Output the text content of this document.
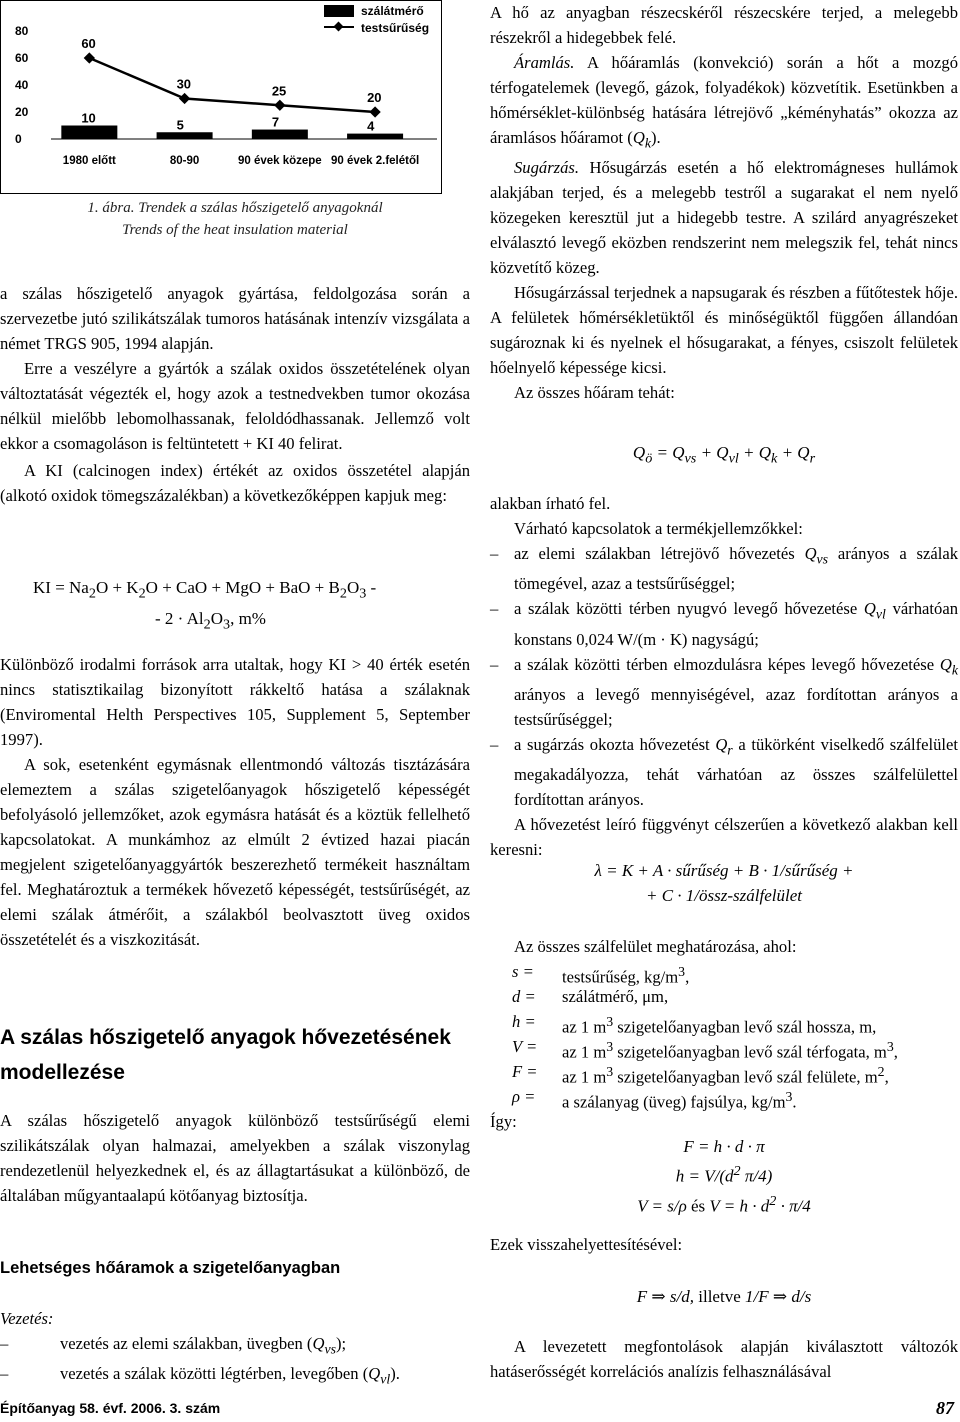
80
60
40
20
0
10	5	7	4
60
30	25	20
1980 előtt	80-90	90 évek közepe 90 évek 2.felétől
szálátmérő
testsűrűség
1. ábra. Trendek a szálas hőszigetelő anyagoknál
Trends of the heat insulation material

a szálas hőszigetelő anyagok gyártása, feldolgozása során a szervezetbe jutó szilikátszálak tumoros hatásának intenzív vizsgálata a német TRGS 905, 1994 alapján.

Erre a veszélyre a gyártók a szálak oxidos összetételének olyan változtatását végezték el, hogy azok a testnedvekben tumor okozása nélkül mielőbb lebomolhassanak, feloldódhassanak. Jellemző volt ekkor a csomagoláson is feltüntetett + KI 40 felirat.

A KI (calcinogen index) értékét az oxidos összetétel alapján (alkotó oxidok tömegszázalékban) a következőképpen kapjuk meg:

KI = $Na_2O + K_2O$ + CaO + MgO + BaO + $B_2O_3$ -
- $2 \cdot Al_2O_3$, m%

Különböző irodalmi források arra utaltak, hogy KI > 40 érték esetén nincs statisztikailag bizonyított rákkeltő hatása a szálaknak (Enviromental Helth Perspectives 105, Supplement 5, September 1997).

A sok, esetenként egymásnak ellentmondó változás tisztázására elemeztem a szálas szigetelőanyagok hőszigetelő képességét befolyásoló jellemzőket, azok egymásra hatását és a köztük fellelhető kapcsolatokat. A munkámhoz az elmúlt 2 évtized hazai piacán megjelent szigetelőanyaggyártók beszerezhető termékeit használtam fel. Meghatároztuk a termékek hővezető képességét, testsűrűségét, az elemi szálak átmérőit, a szálakból beolvasztott üveg oxidos összetételét és a viszkozitását.

A szálas hőszigetelő anyagok hővezetésének modellezése

A szálas hőszigetelő anyagok különböző testsűrűségű elemi szilikátszálak olyan halmazai, amelyekben a szálak viszonylag rendezetlenül helyezkednek el, és az állagtartásukat a különböző, de általában műgyantaalapú kötőanyag biztosítja.

Lehetséges hőáramok a szigetelőanyagban

Vezetés:

–	vezetés az elemi szálakban, üvegben $(Q_{vs})$;
–	vezetés a szálak közötti légtérben, levegőben $(Q_{vl})$.
Építőanyag 58. évf. 2006. 3. szám

A hő az anyagban részecskéről részecskére terjed, a melegebb részekről a hidegebbek felé.

Áramlás. A hőáramlás (konvekció) során a hőt a mozgó térfogatelemek (levegő, gázok, folyadékok) közvetítik. Esetünkben a hőmérséklet-különbség hatására létrejövő „kéményhatás” okozza az áramlásos hőáramot $(Q_k)$.

Sugárzás. Hősugárzás esetén a hő elektromágneses hullámok alakjában terjed, és a melegebb testről a sugarakat el nem nyelő közegeken keresztül jut a hidegebb testre. A szilárd anyagrészeket elválasztó levegő eközben rendszerint nem melegszik fel, tehát nincs közvetítő közeg.

Hősugárzással terjednek a napsugarak és részben a fűtőtestek hője. A felületek hőmérsékletüktől és minőségüktől függően állandóan sugároznak ki és nyelnek el hősugarakat, a fényes, csiszolt felületek hőelnyelő képessége kicsi.

Az összes hőáram tehát:

$Q_ö = Q_{vs} + Q_{vl} + Q_k + Q_r$

alakban írható fel.

Várható kapcsolatok a termékjellemzőkkel:

– az elemi szálakban létrejövő hővezetés $Q_{vs}$ arányos a szálak tömegével, azaz a testsűrűséggel;
– a szálak közötti térben nyugvó levegő hővezetése $Q_{vl}$ várhatóan konstans 0,024 W/(m · K) nagyságú;
– a szálak közötti térben elmozdulásra képes levegő hővezetése $Q_k$ arányos a levegő mennyiségével, azaz fordítottan arányos a testsűrűséggel;
– a sugárzás okozta hővezetést $Q_r$ a tükörként viselkedő szálfelület megakadályozza, tehát várhatóan az összes szálfelülettel fordítottan arányos.

A hővezetést leíró függvényt célszerűen a következő alakban kell keresni:

λ = K + A · sűrűség + B · 1/sűrűség +
+ C · 1/össz-szálfelület

Az összes szálfelület meghatározása, ahol:

s =	testsűrűség, $kg/m^3$,
d =	szálátmérő, μm,
h =	az 1 $m^3$ szigetelőanyagban levő szál hossza, m,
V =	az 1 $m^3$ szigetelőanyagban levő szál térfogata, $m^3$,
F =	az 1 $m^3$ szigetelőanyagban levő szál felülete, $m^2$,
ρ =	a szálanyag (üveg) fajsúlya, $kg/m^3$.

Így:

F = h · d · π
$h = V/(d^2$ π/4)
V = s/ρ és $V = h \cdot d^2 \cdot \pi/4$

Ezek visszahelyettesítésével:

F ⇒ s/d, illetve 1/F ⇒ d/s

A levezetett megfontolások alapján kiválasztott változók hatáserősségét korrelációs analízis felhasználásával

87
